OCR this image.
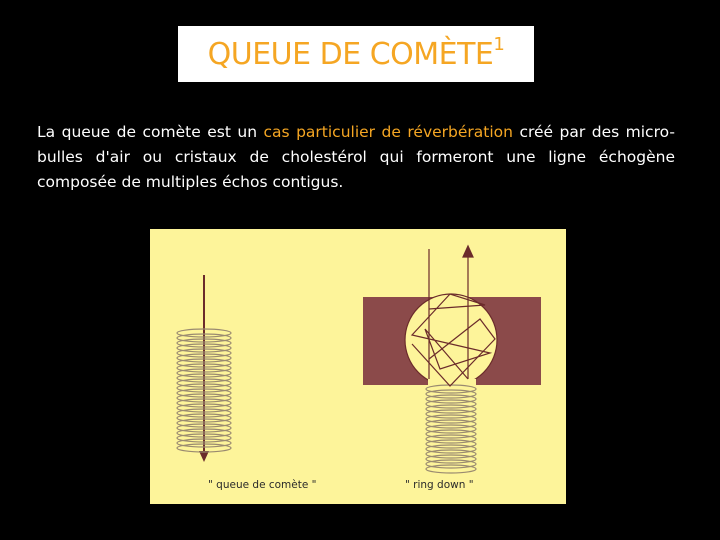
QUEUE DE COMÈTE$^1$

La queue de comète est un cas particulier de réverbération créé par des micro-bulles d'air ou cristaux de cholestérol qui formeront une ligne échogène composée de multiples échos contigus.

" queue de comète "	" ring down "
